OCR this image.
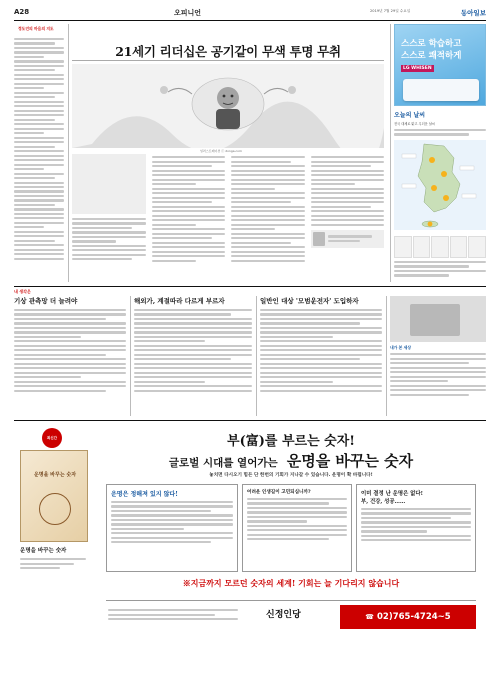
A28	오피니언	2019년 7월 29일 수요일	동아일보
정도언의 마음의 지도
21세기 리더십은 공기같이 무색 투명 무취
일러스트레이션 ⓒ donga.com
스스로 학습하고
스스로 쾌적하게
LG WHISEN
오늘의 날씨
전국 대체로 맑고 무더운 날씨
내 생각은
기상 관측망 더 늘려야	해외가, 계절따라 다르게 부르자	일반인 대상 '모범운전자' 도입하자
내가 본 세상
최신간
운명을 바꾸는 숫자
운명을 바꾸는 숫자
부(富)를 부르는 숫자!
글로벌 시대를 열어가는 운명을 바꾸는 숫자
놓치면 다시오기 힘든 단 한번의 기회가 지나갈 수 있습니다. 운명이 확 바뀝니다!
운명은 정해져 있지 않다!	어려운 인생길이 고민되십니까?	이미 결정 난 운명은 없다!
부, 건강, 성공……
※지금까지 모르던 숫자의 세계! 기회는 늘 기다리지 않습니다
신정인당	☎ 02)765-4724~5
